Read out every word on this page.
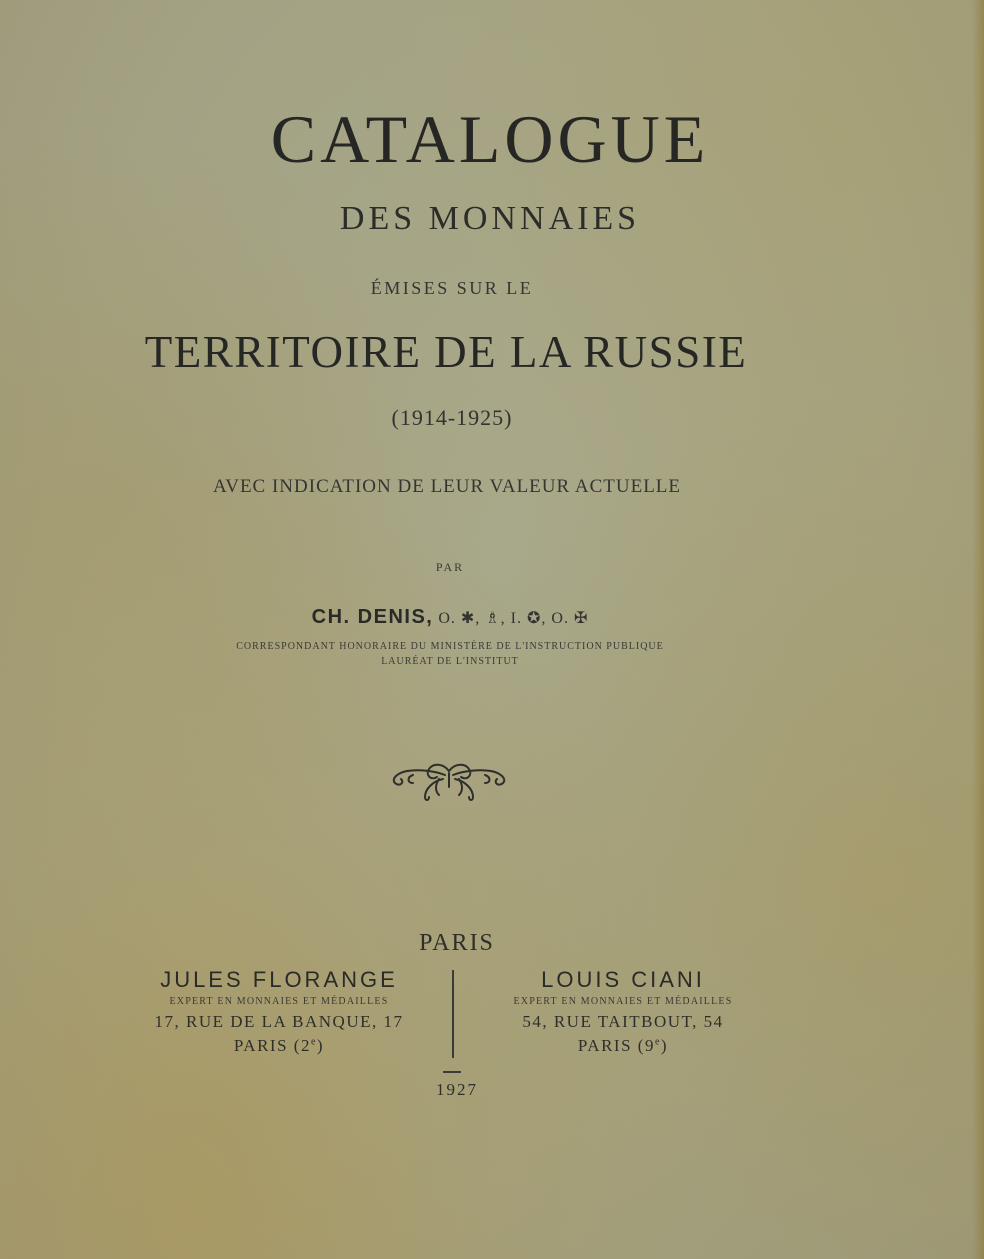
CATALOGUE

DES MONNAIES

ÉMISES SUR LE

TERRITOIRE DE LA RUSSIE

(1914-1925)

AVEC INDICATION DE LEUR VALEUR ACTUELLE

PAR

CH. DENIS, O. ✱, ♗, I. ✪, O. ✠

CORRESPONDANT HONORAIRE DU MINISTÈRE DE L'INSTRUCTION PUBLIQUE

LAURÉAT DE L'INSTITUT

PARIS

JULES FLORANGE
EXPERT EN MONNAIES ET MÉDAILLES
17, RUE DE LA BANQUE, 17
PARIS (2e)
LOUIS CIANI
EXPERT EN MONNAIES ET MÉDAILLES
54, RUE TAITBOUT, 54
PARIS (9e)

1927
